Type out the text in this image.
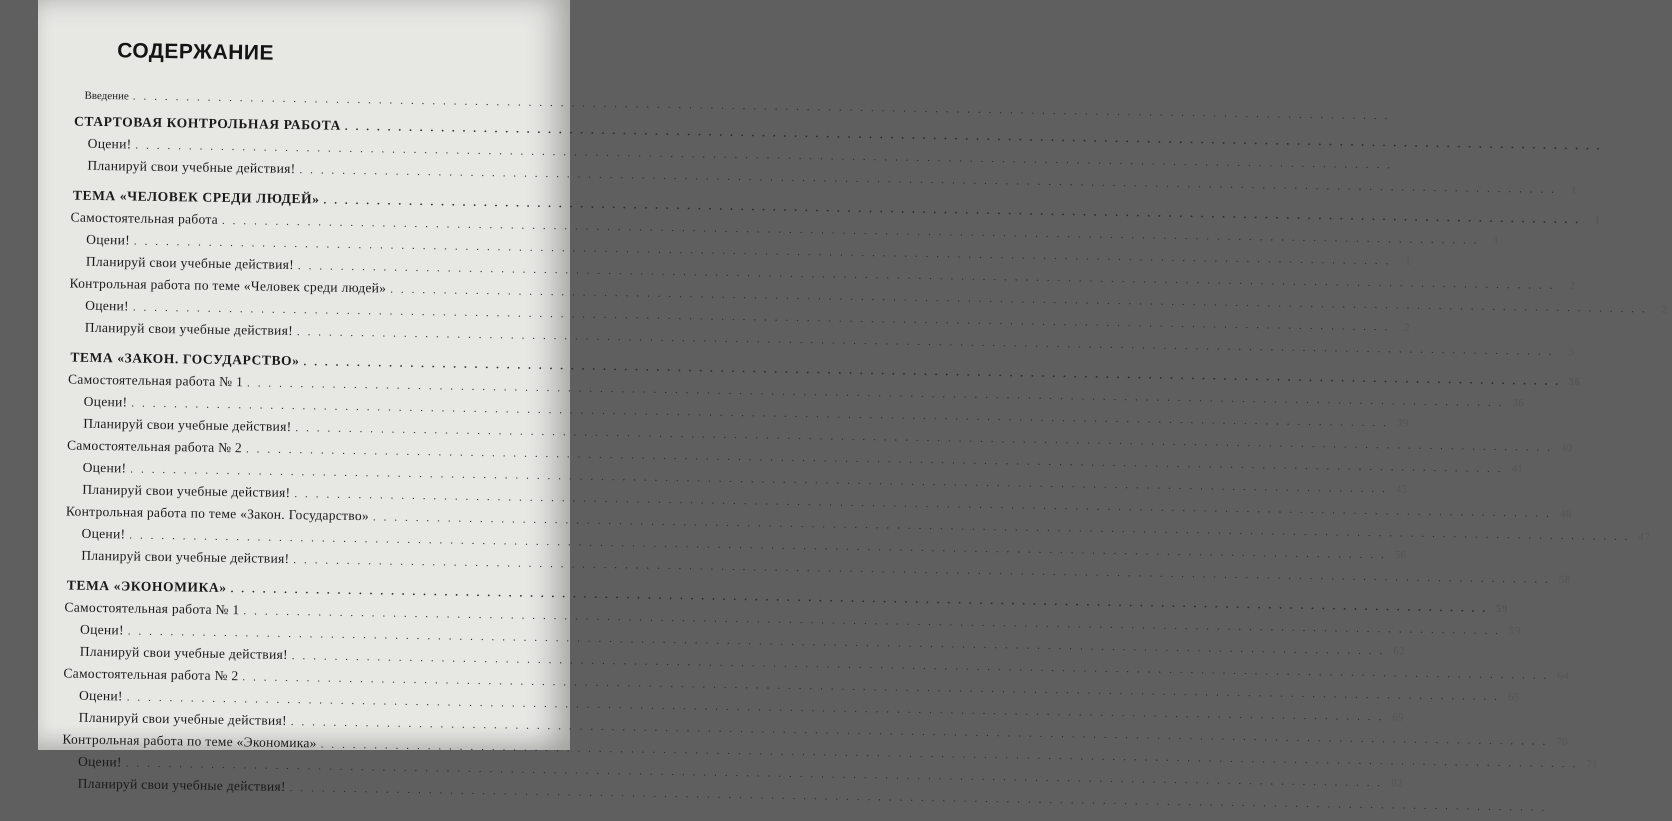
СОДЕРЖАНИЕ
Введение
. . .
СТАРТОВАЯ КОНТРОЛЬНАЯ РАБОТА
. . .
Оцени!
. . .
Планируй свои учебные действия!
. . .
1
ТЕМА «ЧЕЛОВЕК СРЕДИ ЛЮДЕЙ»
. . .
1
Самостоятельная работа
. . .
1
Оцени!
. . .
1
Планируй свои учебные действия!
. . .
2
Контрольная работа по теме «Человек среди людей»
. . .
2
Оцени!
. . .
2
Планируй свои учебные действия!
. . .
3
ТЕМА «ЗАКОН. ГОСУДАРСТВО»
. . .
36
Самостоятельная работа № 1
. . .
36
Оцени!
. . .
39
Планируй свои учебные действия!
. . .
40
Самостоятельная работа № 2
. . .
41
Оцени!
. . .
45
Планируй свои учебные действия!
. . .
46
Контрольная работа по теме «Закон. Государство»
. . .
47
Оцени!
. . .
56
Планируй свои учебные действия!
. . .
58
ТЕМА «ЭКОНОМИКА»
. . .
59
Самостоятельная работа № 1
. . .
59
Оцени!
. . .
62
Планируй свои учебные действия!
. . .
64
Самостоятельная работа № 2
. . .
65
Оцени!
. . .
69
Планируй свои учебные действия!
. . .
70
Контрольная работа по теме «Экономика»
. . .
71
Оцени!
. . .
82
Планируй свои учебные действия!
. . .
